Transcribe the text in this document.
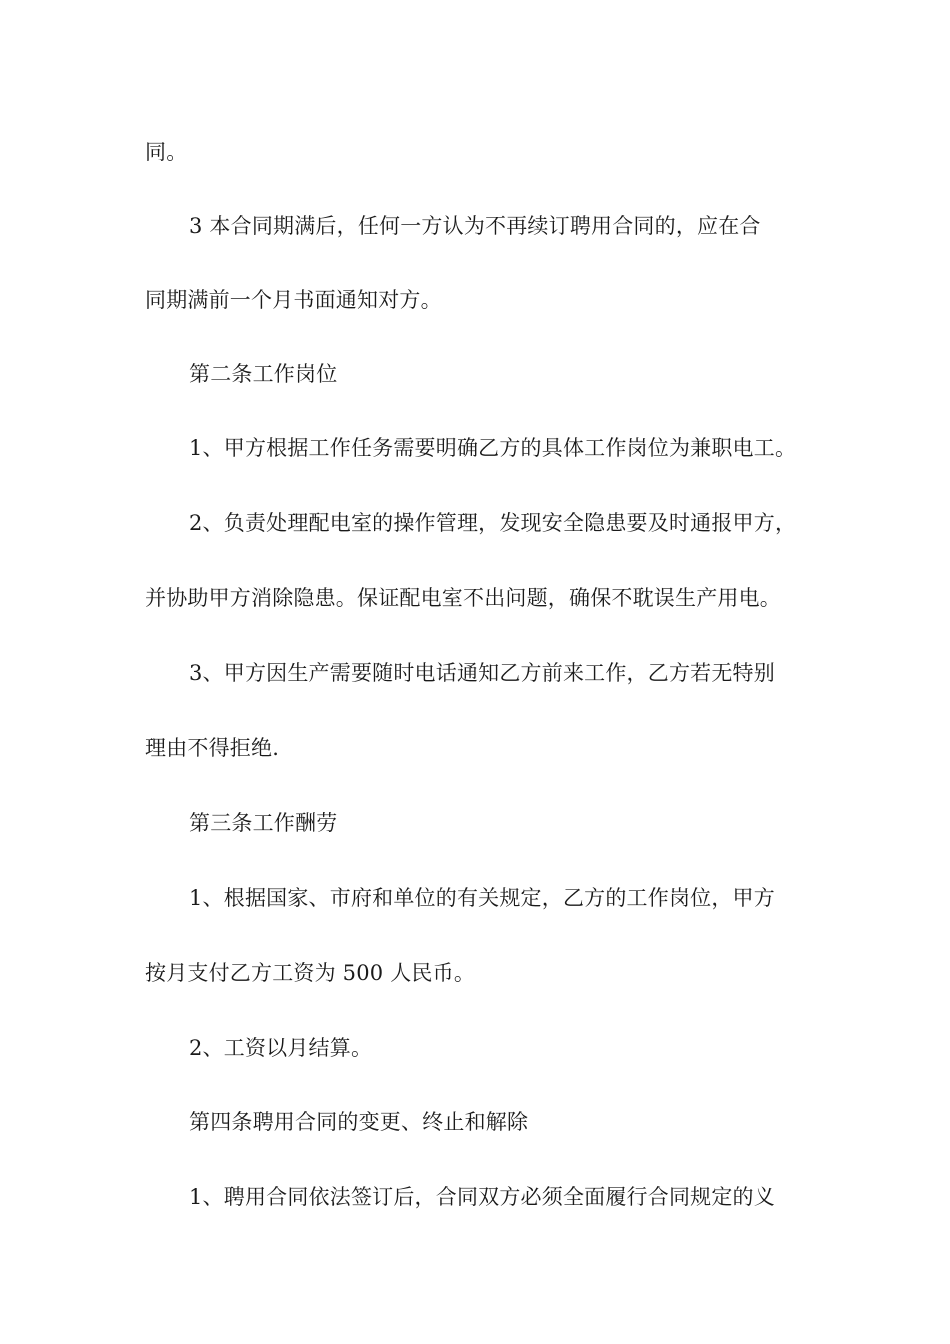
同。

3 本合同期满后，任何一方认为不再续订聘用合同的，应在合

同期满前一个月书面通知对方。

第二条工作岗位

1、甲方根据工作任务需要明确乙方的具体工作岗位为兼职电工。

2、负责处理配电室的操作管理，发现安全隐患要及时通报甲方，

并协助甲方消除隐患。保证配电室不出问题，确保不耽误生产用电。

3、甲方因生产需要随时电话通知乙方前来工作，乙方若无特别

理由不得拒绝.

第三条工作酬劳

1、根据国家、市府和单位的有关规定，乙方的工作岗位，甲方

按月支付乙方工资为 500 人民币。

2、工资以月结算。

第四条聘用合同的变更、终止和解除

1、聘用合同依法签订后，合同双方必须全面履行合同规定的义
